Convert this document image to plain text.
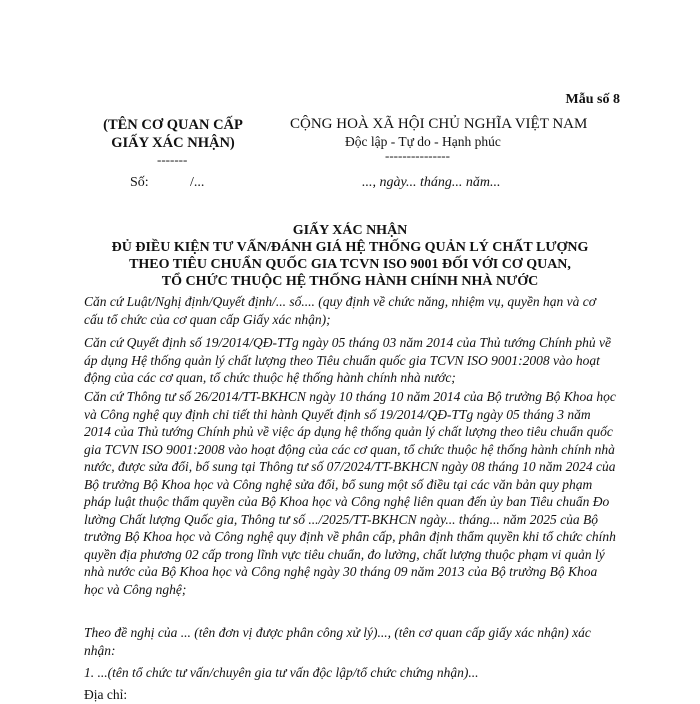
Mẫu số 8
(TÊN CƠ QUAN CẤP
GIẤY XÁC NHẬN)
-------
CỘNG HOÀ XÃ HỘI CHỦ NGHĨA VIỆT NAM
Độc lập - Tự do - Hạnh phúc
---------------
Số:	/...	..., ngày... tháng... năm...
GIẤY XÁC NHẬN
ĐỦ ĐIỀU KIỆN TƯ VẤN/ĐÁNH GIÁ HỆ THỐNG QUẢN LÝ CHẤT LƯỢNG
THEO TIÊU CHUẨN QUỐC GIA TCVN ISO 9001 ĐỐI VỚI CƠ QUAN,
TỔ CHỨC THUỘC HỆ THỐNG HÀNH CHÍNH NHÀ NƯỚC
Căn cứ Luật/Nghị định/Quyết định/... số.... (quy định về chức năng, nhiệm vụ, quyền hạn và cơ cấu tổ chức của cơ quan cấp Giấy xác nhận);
Căn cứ Quyết định số 19/2014/QĐ-TTg ngày 05 tháng 03 năm 2014 của Thủ tướng Chính phủ về áp dụng Hệ thống quản lý chất lượng theo Tiêu chuẩn quốc gia TCVN ISO 9001:2008 vào hoạt động của các cơ quan, tổ chức thuộc hệ thống hành chính nhà nước;
Căn cứ Thông tư số 26/2014/TT-BKHCN ngày 10 tháng 10 năm 2014 của Bộ trưởng Bộ Khoa học và Công nghệ quy định chi tiết thi hành Quyết định số 19/2014/QĐ-TTg ngày 05 tháng 3 năm 2014 của Thủ tướng Chính phủ về việc áp dụng hệ thống quản lý chất lượng theo tiêu chuẩn quốc gia TCVN ISO 9001:2008 vào hoạt động của các cơ quan, tổ chức thuộc hệ thống hành chính nhà nước, được sửa đổi, bổ sung tại Thông tư số 07/2024/TT-BKHCN ngày 08 tháng 10 năm 2024 của Bộ trưởng Bộ Khoa học và Công nghệ sửa đổi, bổ sung một số điều tại các văn bản quy phạm pháp luật thuộc thẩm quyền của Bộ Khoa học và Công nghệ liên quan đến ủy ban Tiêu chuẩn Đo lường Chất lượng Quốc gia, Thông tư số .../2025/TT-BKHCN ngày... tháng... năm 2025 của Bộ trưởng Bộ Khoa học và Công nghệ quy định về phân cấp, phân định thẩm quyền khi tổ chức chính quyền địa phương 02 cấp trong lĩnh vực tiêu chuẩn, đo lường, chất lượng thuộc phạm vi quản lý nhà nước của Bộ Khoa học và Công nghệ ngày 30 tháng 09 năm 2013 của Bộ trưởng Bộ Khoa học và Công nghệ;
Theo đề nghị của ... (tên đơn vị được phân công xử lý)..., (tên cơ quan cấp giấy xác nhận) xác nhận:
1. ...(tên tổ chức tư vấn/chuyên gia tư vấn độc lập/tổ chức chứng nhận)...
Địa chỉ:
